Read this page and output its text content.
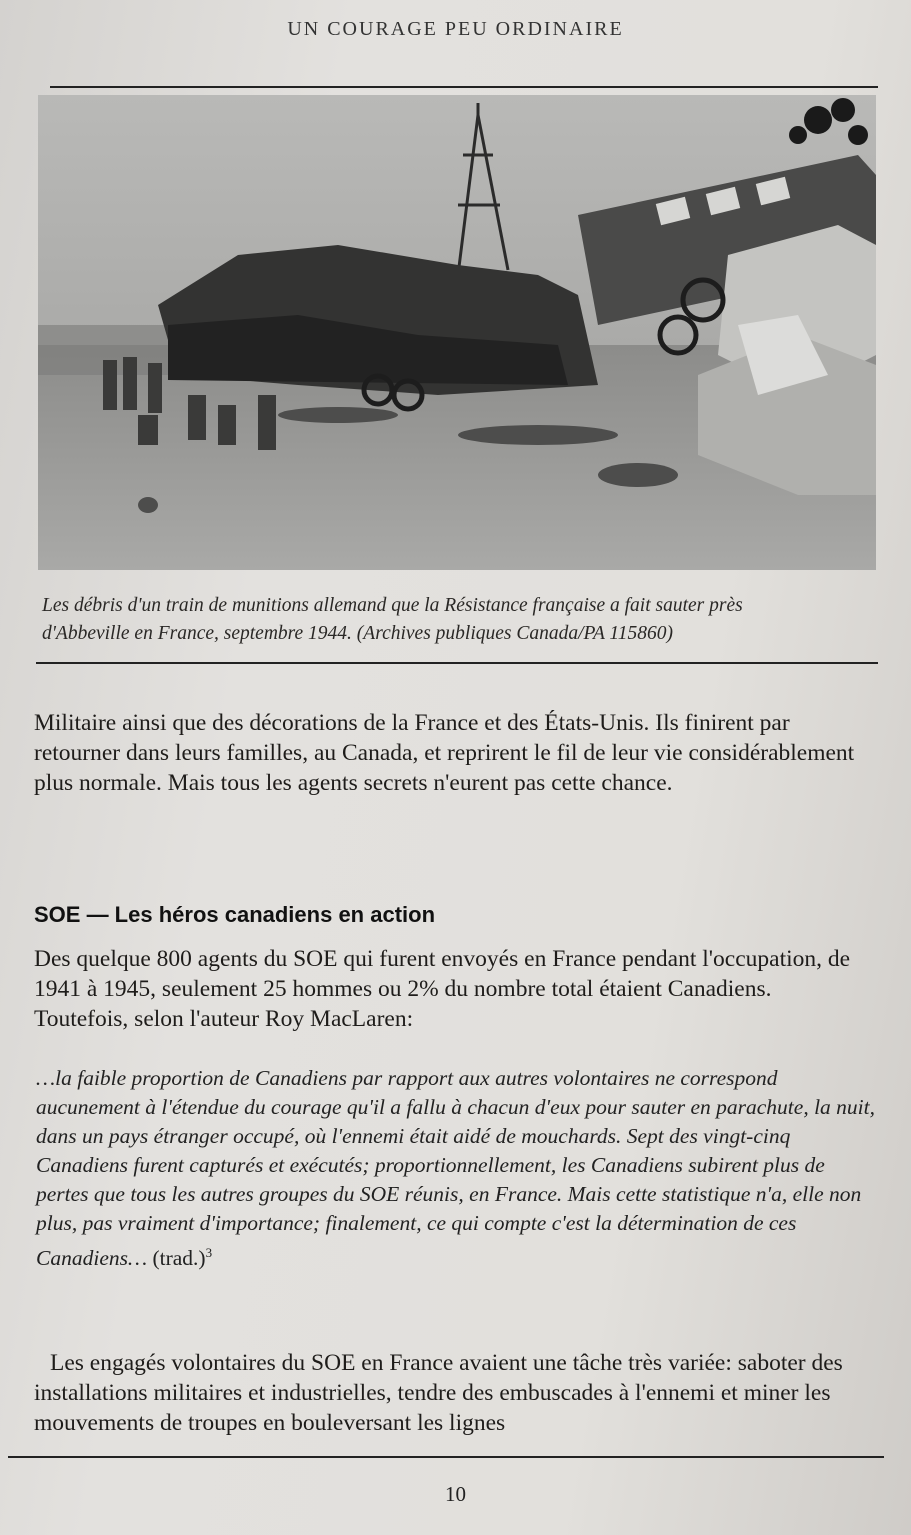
UN COURAGE PEU ORDINAIRE
Les débris d'un train de munitions allemand que la Résistance française a fait sauter près
d'Abbeville en France, septembre 1944. (Archives publiques Canada/PA 115860)
Militaire ainsi que des décorations de la France et des États-Unis. Ils finirent par retourner dans leurs familles, au Canada, et reprirent le fil de leur vie considérablement plus normale. Mais tous les agents secrets n'eurent pas cette chance.
SOE — Les héros canadiens en action
Des quelque 800 agents du SOE qui furent envoyés en France pendant l'occupation, de 1941 à 1945, seulement 25 hommes ou 2% du nombre total étaient Canadiens. Toutefois, selon l'auteur Roy MacLaren:
…la faible proportion de Canadiens par rapport aux autres volontaires ne correspond aucunement à l'étendue du courage qu'il a fallu à chacun d'eux pour sauter en parachute, la nuit, dans un pays étranger occupé, où l'ennemi était aidé de mouchards. Sept des vingt-cinq Canadiens furent capturés et exécutés; proportionnellement, les Canadiens subirent plus de pertes que tous les autres groupes du SOE réunis, en France. Mais cette statistique n'a, elle non plus, pas vraiment d'importance; finalement, ce qui compte c'est la détermination de ces Canadiens… (trad.)$^3$
Les engagés volontaires du SOE en France avaient une tâche très variée: saboter des installations militaires et industrielles, tendre des embuscades à l'ennemi et miner les mouvements de troupes en bouleversant les lignes
10
